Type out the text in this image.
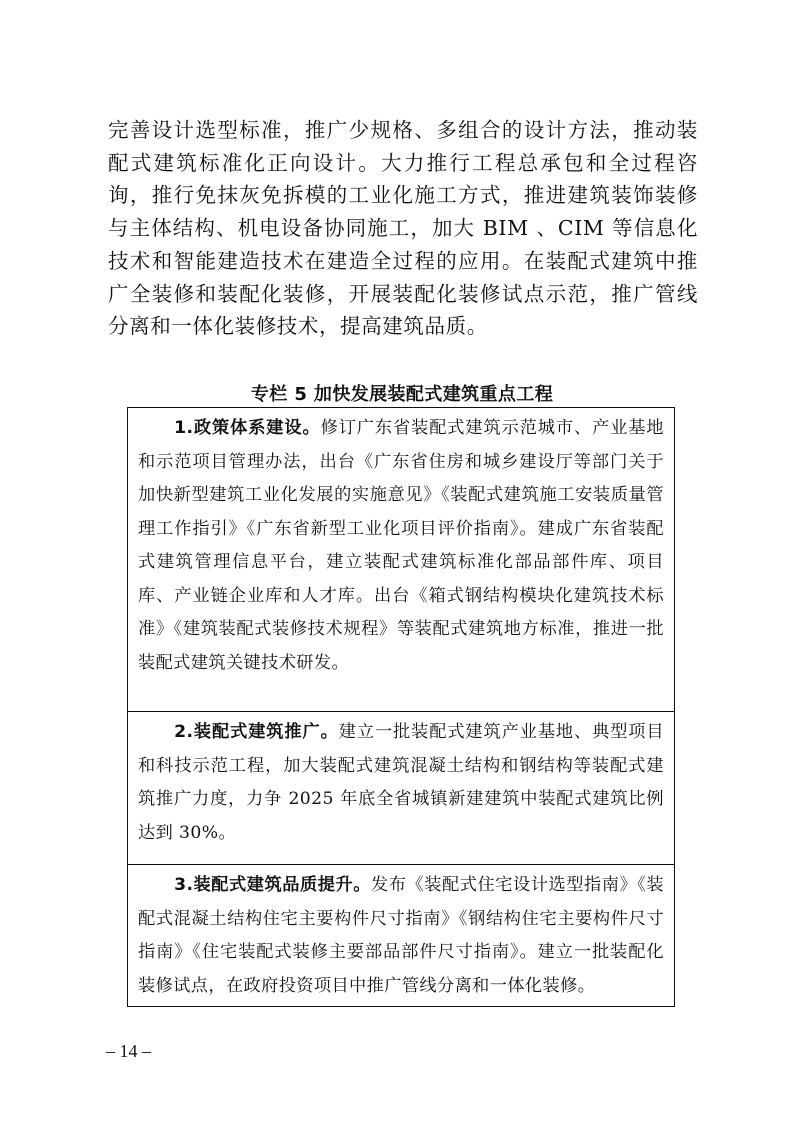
完善设计选型标准，推广少规格、多组合的设计方法，推动装配式建筑标准化正向设计。大力推行工程总承包和全过程咨询，推行免抹灰免拆模的工业化施工方式，推进建筑装饰装修与主体结构、机电设备协同施工，加大 BIM 、CIM 等信息化技术和智能建造技术在建造全过程的应用。在装配式建筑中推广全装修和装配化装修，开展装配化装修试点示范，推广管线分离和一体化装修技术，提高建筑品质。

专栏 5 加快发展装配式建筑重点工程

1.政策体系建设。修订广东省装配式建筑示范城市、产业基地和示范项目管理办法，出台《广东省住房和城乡建设厅等部门关于加快新型建筑工业化发展的实施意见》《装配式建筑施工安装质量管理工作指引》《广东省新型工业化项目评价指南》。建成广东省装配式建筑管理信息平台，建立装配式建筑标准化部品部件库、项目库、产业链企业库和人才库。出台《箱式钢结构模块化建筑技术标准》《建筑装配式装修技术规程》等装配式建筑地方标准，推进一批装配式建筑关键技术研发。

2.装配式建筑推广。建立一批装配式建筑产业基地、典型项目和科技示范工程，加大装配式建筑混凝土结构和钢结构等装配式建筑推广力度，力争 2025 年底全省城镇新建建筑中装配式建筑比例达到 30%。

3.装配式建筑品质提升。发布《装配式住宅设计选型指南》《装配式混凝土结构住宅主要构件尺寸指南》《钢结构住宅主要构件尺寸指南》《住宅装配式装修主要部品部件尺寸指南》。建立一批装配化装修试点，在政府投资项目中推广管线分离和一体化装修。

– 14 –
